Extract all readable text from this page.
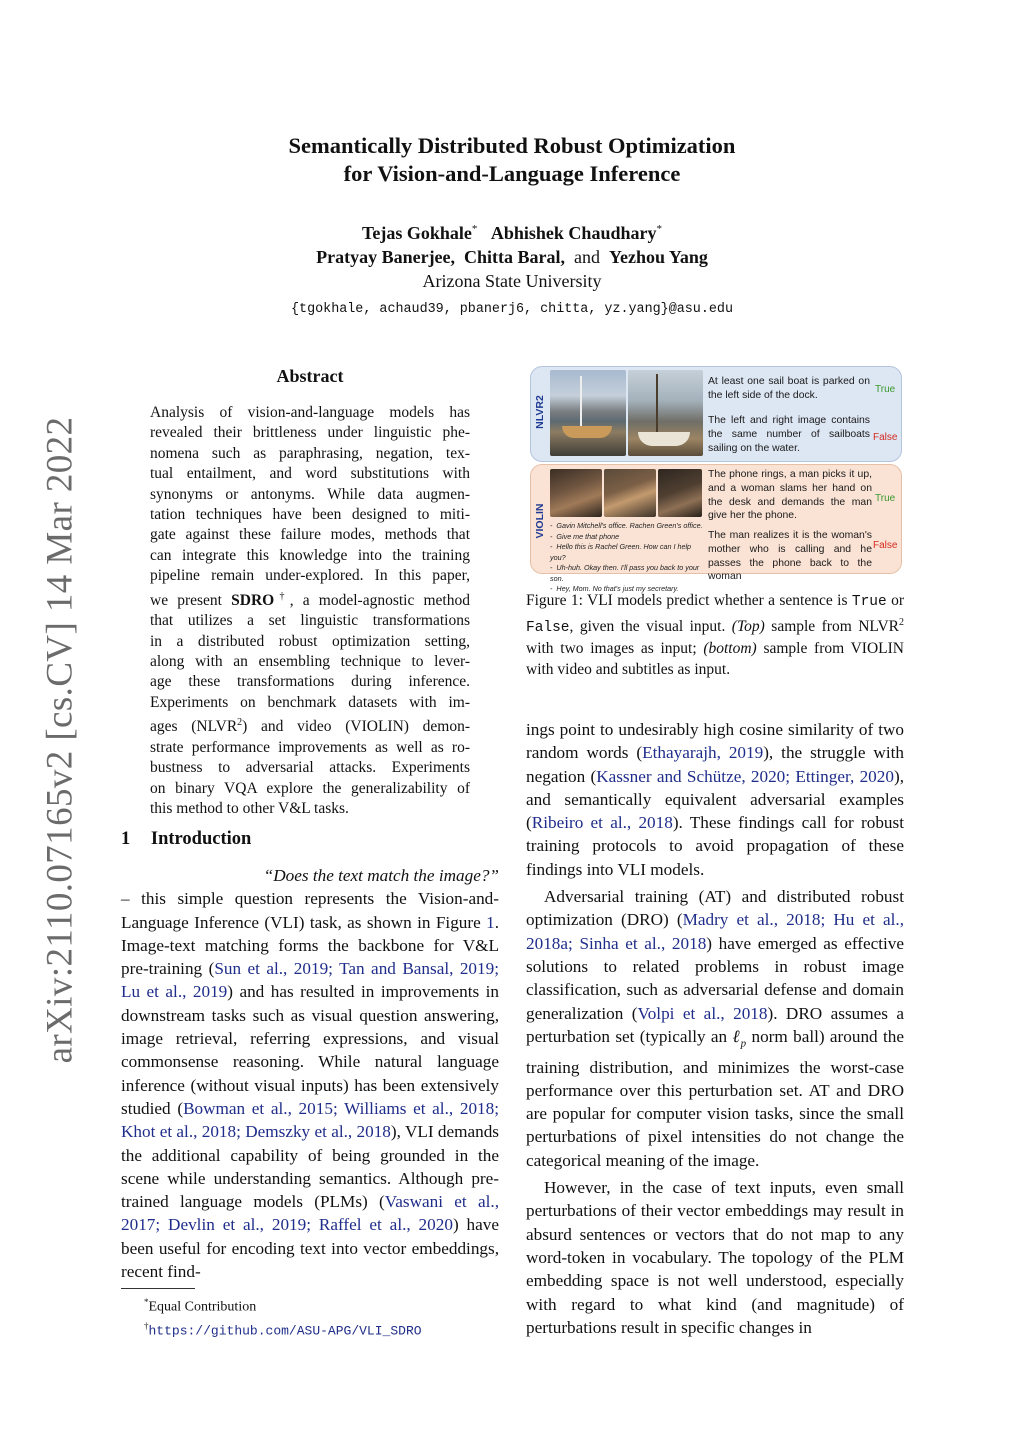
arXiv:2110.07165v2 [cs.CV] 14 Mar 2022
Semantically Distributed Robust Optimization
for Vision-and-Language Inference
Tejas Gokhale* Abhishek Chaudhary*
Pratyay Banerjee, Chitta Baral, and Yezhou Yang
Arizona State University
{tgokhale, achaud39, pbanerj6, chitta, yz.yang}@asu.edu
Abstract
Analysis of vision-and-language models has
revealed their brittleness under linguistic phe-
nomena such as paraphrasing, negation, tex-
tual entailment, and word substitutions with
synonyms or antonyms. While data augmen-
tation techniques have been designed to miti-
gate against these failure modes, methods that
can integrate this knowledge into the training
pipeline remain under-explored. In this paper,
we present SDRO†, a model-agnostic method
that utilizes a set linguistic transformations
in a distributed robust optimization setting,
along with an ensembling technique to lever-
age these transformations during inference.
Experiments on benchmark datasets with im-
ages (NLVR$^2$) and video (VIOLIN) demon-
strate performance improvements as well as ro-
bustness to adversarial attacks. Experiments
on binary VQA explore the generalizability of
this method to other V&L tasks.
1 Introduction
“Does the text match the image?”

– this simple question represents the Vision-and-Language Inference (VLI) task, as shown in Figure 1. Image-text matching forms the backbone for V&L pre-training (Sun et al., 2019; Tan and Bansal, 2019; Lu et al., 2019) and has resulted in improvements in downstream tasks such as visual question answering, image retrieval, referring expressions, and visual commonsense reasoning. While natural language inference (without visual inputs) has been extensively studied (Bowman et al., 2015; Williams et al., 2018; Khot et al., 2018; Demszky et al., 2018), VLI demands the additional capability of being grounded in the scene while understanding semantics. Although pre-trained language models (PLMs) (Vaswani et al., 2017; Devlin et al., 2019; Raffel et al., 2020) have been useful for encoding text into vector embeddings, recent find-

*Equal Contribution
†https://github.com/ASU-APG/VLI_SDRO
NLVR2
At least one sail boat is parked on the left side of the dock.
True
The left and right image contains the same number of sailboats sailing on the water.
False
VIOLIN - Gavin Mitchell's office. Rachen Green's office.
- Give me that phone
- Hello this is Rachel Green. How can I help you?
- Uh-huh. Okay then. I'll pass you back to your son.
- Hey, Mom. No that's just my secretary.
The phone rings, a man picks it up, and a woman slams her hand on the desk and demands the man give her the phone.
True
The man realizes it is the woman's mother who is calling and he passes the phone back to the woman
False
Figure 1: VLI models predict whether a sentence is True or False, given the visual input. (Top) sample from NLVR$^2$ with two images as input; (bottom) sample from VIOLIN with video and subtitles as input.

ings point to undesirably high cosine similarity of two random words (Ethayarajh, 2019), the struggle with negation (Kassner and Schütze, 2020; Ettinger, 2020), and semantically equivalent adversarial examples (Ribeiro et al., 2018). These findings call for robust training protocols to avoid propagation of these findings into VLI models.

Adversarial training (AT) and distributed robust optimization (DRO) (Madry et al., 2018; Hu et al., 2018a; Sinha et al., 2018) have emerged as effective solutions to related problems in robust image classification, such as adversarial defense and domain generalization (Volpi et al., 2018). DRO assumes a perturbation set (typically an ℓ$_p$ norm ball) around the training distribution, and minimizes the worst-case performance over this perturbation set. AT and DRO are popular for computer vision tasks, since the small perturbations of pixel intensities do not change the categorical meaning of the image.

However, in the case of text inputs, even small perturbations of their vector embeddings may result in absurd sentences or vectors that do not map to any word-token in vocabulary. The topology of the PLM embedding space is not well understood, especially with regard to what kind (and magnitude) of perturbations result in specific changes in
